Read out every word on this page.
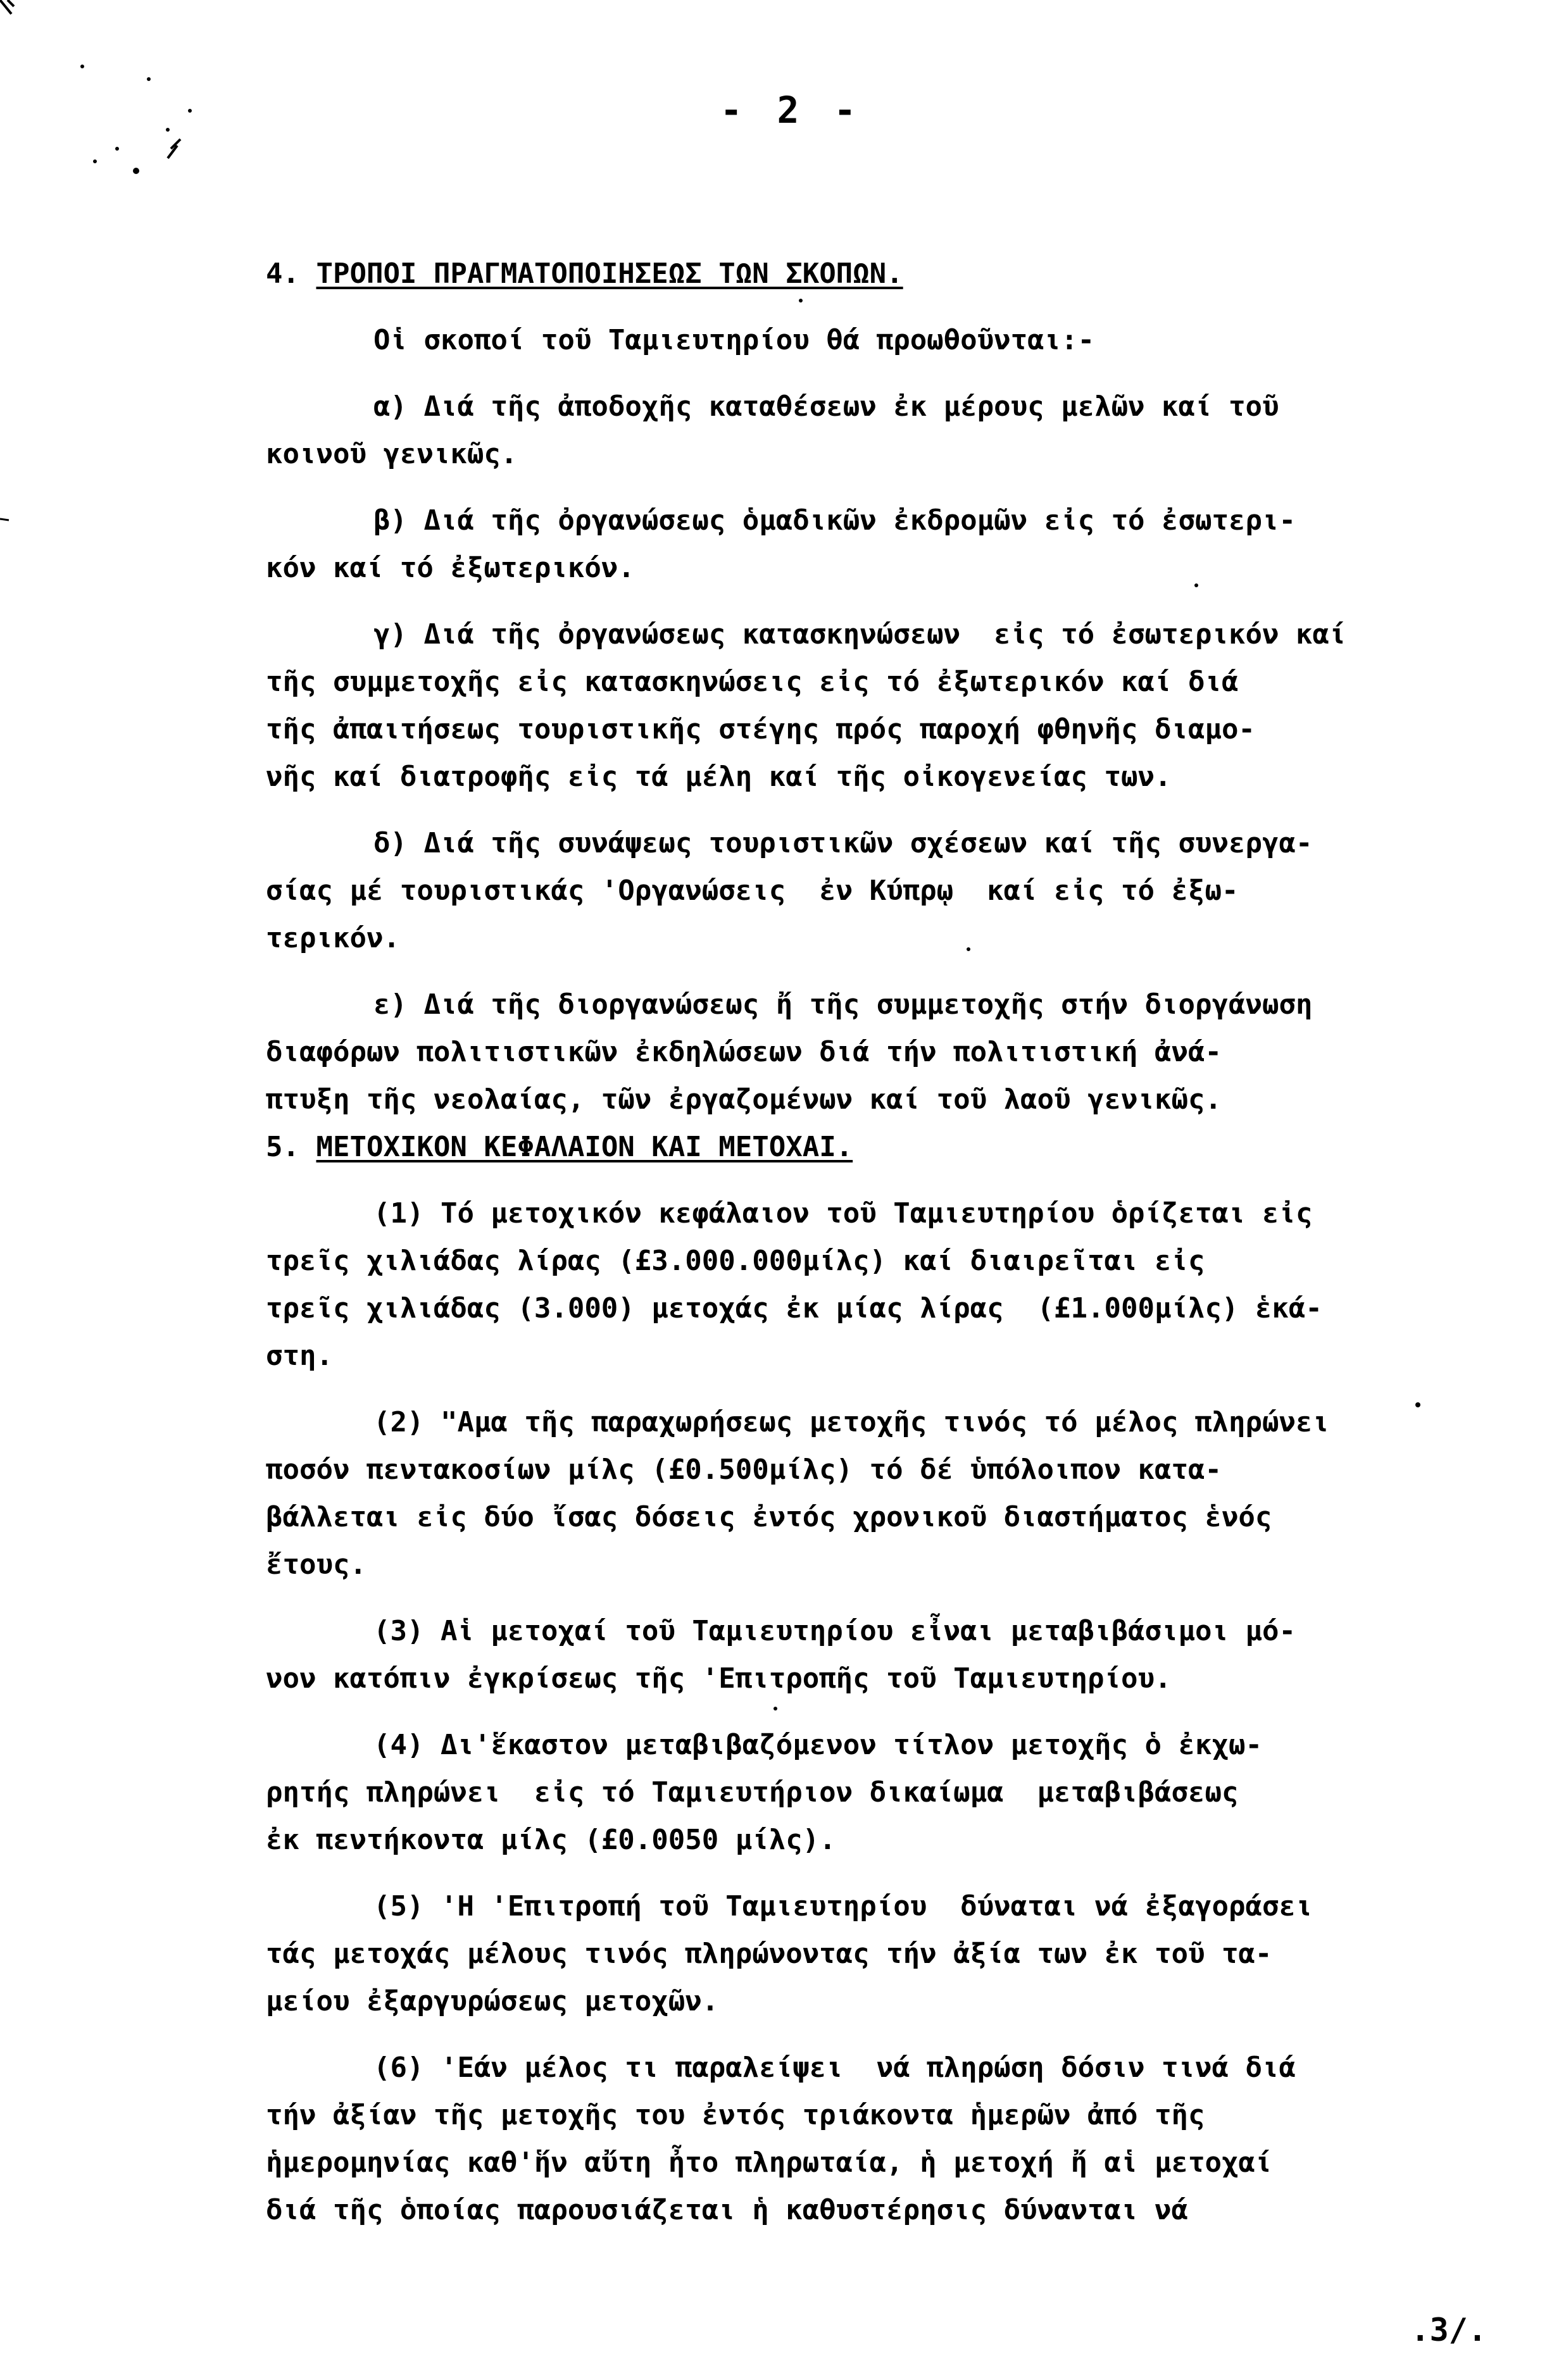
- 2 -
4. ΤΡΟΠΟΙ ΠΡΑΓΜΑΤΟΠΟΙΗΣΕΩΣ ΤΩΝ ΣΚΟΠΩΝ.
Οἱ σκοποί τοῦ Ταμιευτηρίου θά προωθοῦνται:-
α) Διά τῆς ἀποδοχῆς καταθέσεων ἐκ μέρους μελῶν καί τοῦ
κοινοῦ γενικῶς.
β) Διά τῆς ὀργανώσεως ὁμαδικῶν ἐκδρομῶν εἰς τό ἐσωτερι-
κόν καί τό ἐξωτερικόν.
γ) Διά τῆς ὀργανώσεως κατασκηνώσεων  εἰς τό ἐσωτερικόν καί
τῆς συμμετοχῆς εἰς κατασκηνώσεις εἰς τό ἐξωτερικόν καί διά
τῆς ἀπαιτήσεως τουριστικῆς στέγης πρός παροχή φθηνῆς διαμο-
νῆς καί διατροφῆς εἰς τά μέλη καί τῆς οἰκογενείας των.
δ) Διά τῆς συνάψεως τουριστικῶν σχέσεων καί τῆς συνεργα-
σίας μέ τουριστικάς 'Οργανώσεις  ἐν Κύπρῳ  καί εἰς τό ἐξω-
τερικόν.
ε) Διά τῆς διοργανώσεως ἤ τῆς συμμετοχῆς στήν διοργάνωση
διαφόρων πολιτιστικῶν ἐκδηλώσεων διά τήν πολιτιστική ἀνά-
πτυξη τῆς νεολαίας, τῶν ἐργαζομένων καί τοῦ λαοῦ γενικῶς.
5. ΜΕΤΟΧΙΚΟΝ ΚΕΦΑΛΑΙΟΝ ΚΑΙ ΜΕΤΟΧΑΙ.
(1) Τό μετοχικόν κεφάλαιον τοῦ Ταμιευτηρίου ὁρίζεται εἰς
τρεῖς χιλιάδας λίρας (£3.000.000μίλς) καί διαιρεῖται εἰς
τρεῖς χιλιάδας (3.000) μετοχάς ἐκ μίας λίρας  (£1.000μίλς) ἑκά-
στη.
(2) "Αμα τῆς παραχωρήσεως μετοχῆς τινός τό μέλος πληρώνει
ποσόν πεντακοσίων μίλς (£0.500μίλς) τό δέ ὑπόλοιπον κατα-
βάλλεται εἰς δύο ἴσας δόσεις ἐντός χρονικοῦ διαστήματος ἑνός
ἔτους.
(3) Αἱ μετοχαί τοῦ Ταμιευτηρίου εἶναι μεταβιβάσιμοι μό-
νον κατόπιν ἐγκρίσεως τῆς 'Επιτροπῆς τοῦ Ταμιευτηρίου.
(4) Δι'ἕκαστον μεταβιβαζόμενον τίτλον μετοχῆς ὁ ἐκχω-
ρητής πληρώνει  εἰς τό Ταμιευτήριον δικαίωμα  μεταβιβάσεως
ἐκ πεντήκοντα μίλς (£0.0050 μίλς).
(5) 'Η 'Επιτροπή τοῦ Ταμιευτηρίου  δύναται νά ἐξαγοράσει
τάς μετοχάς μέλους τινός πληρώνοντας τήν ἀξία των ἐκ τοῦ τα-
μείου ἐξαργυρώσεως μετοχῶν.
(6) 'Εάν μέλος τι παραλείψει  νά πληρώση δόσιν τινά διά
τήν ἀξίαν τῆς μετοχῆς του ἐντός τριάκοντα ἡμερῶν ἀπό τῆς
ἡμερομηνίας καθ'ἥν αὔτη ἦτο πληρωταία, ἡ μετοχή ἤ αἱ μετοχαί
διά τῆς ὁποίας παρουσιάζεται ἡ καθυστέρησις δύνανται νά
.3/.
